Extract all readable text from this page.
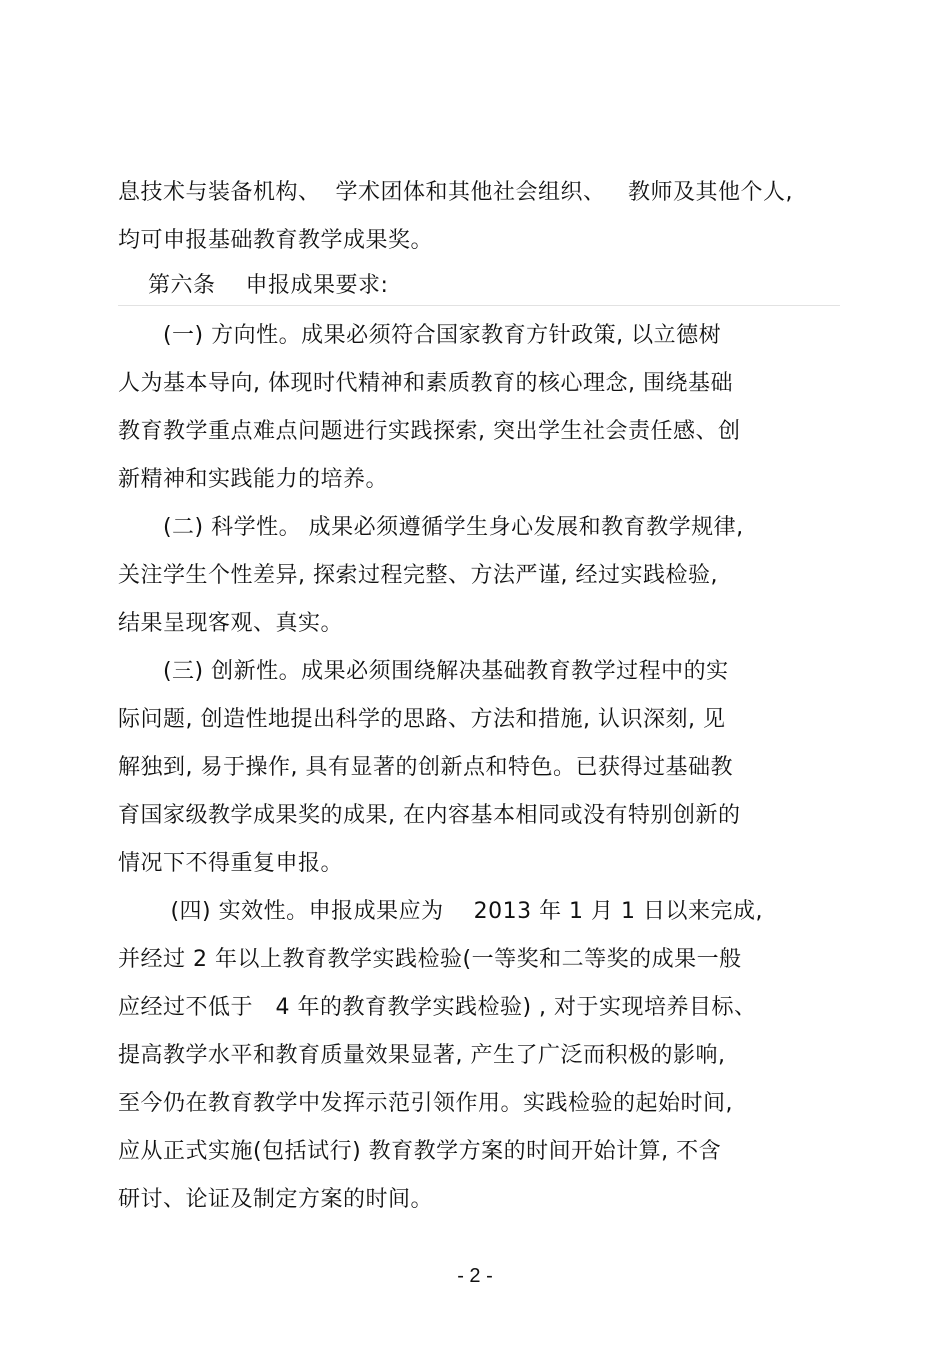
息技术与装备机构、  学术团体和其他社会组织、   教师及其他个人,
均可申报基础教育教学成果奖。
第六条    申报成果要求:
(一) 方向性。成果必须符合国家教育方针政策, 以立德树
人为基本导向, 体现时代精神和素质教育的核心理念, 围绕基础
教育教学重点难点问题进行实践探索, 突出学生社会责任感、创
新精神和实践能力的培养。
(二) 科学性。 成果必须遵循学生身心发展和教育教学规律,
关注学生个性差异, 探索过程完整、方法严谨, 经过实践检验,
结果呈现客观、真实。
(三) 创新性。成果必须围绕解决基础教育教学过程中的实
际问题, 创造性地提出科学的思路、方法和措施, 认识深刻, 见
解独到, 易于操作, 具有显著的创新点和特色。已获得过基础教
育国家级教学成果奖的成果, 在内容基本相同或没有特别创新的
情况下不得重复申报。
(四) 实效性。申报成果应为    2013 年 1 月 1 日以来完成,
并经过 2 年以上教育教学实践检验(一等奖和二等奖的成果一般
应经过不低于   4 年的教育教学实践检验) , 对于实现培养目标、
提高教学水平和教育质量效果显著, 产生了广泛而积极的影响,
至今仍在教育教学中发挥示范引领作用。实践检验的起始时间,
应从正式实施(包括试行) 教育教学方案的时间开始计算, 不含
研讨、论证及制定方案的时间。
- 2 -
